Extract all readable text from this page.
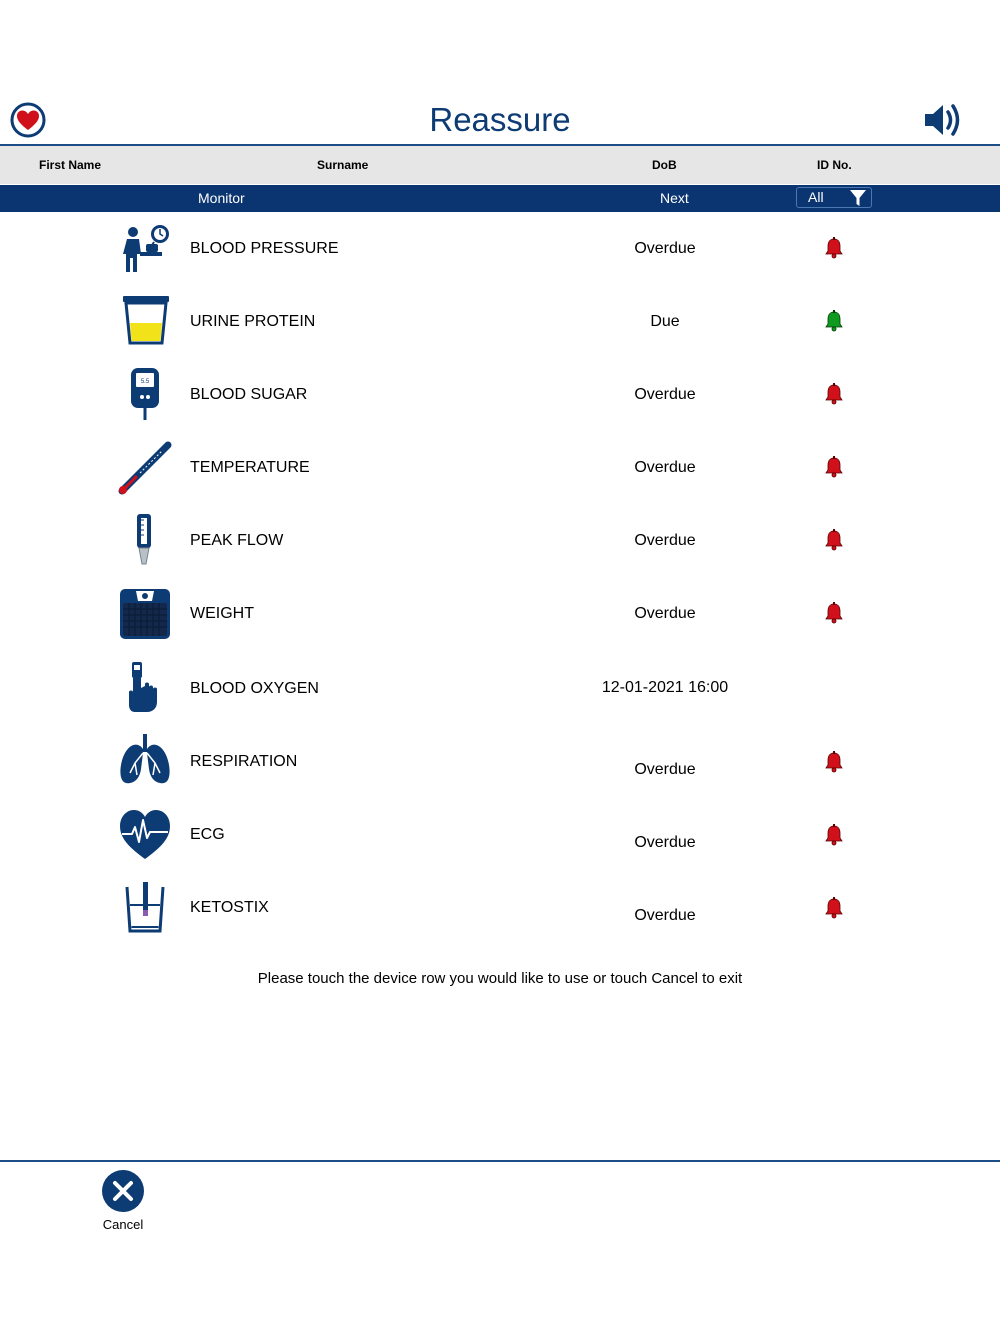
Reassure
First Name	Surname	DoB	ID No.
Monitor	Next	All
BLOOD PRESSURE	Overdue
URINE PROTEIN	Due
5.5
BLOOD SUGAR	Overdue
TEMPERATURE	Overdue
PEAK FLOW	Overdue
WEIGHT	Overdue
BLOOD OXYGEN	12-01-2021 16:00
RESPIRATION	Overdue
ECG	Overdue
KETOSTIX	Overdue
Please touch the device row you would like to use or touch Cancel to exit
Cancel
